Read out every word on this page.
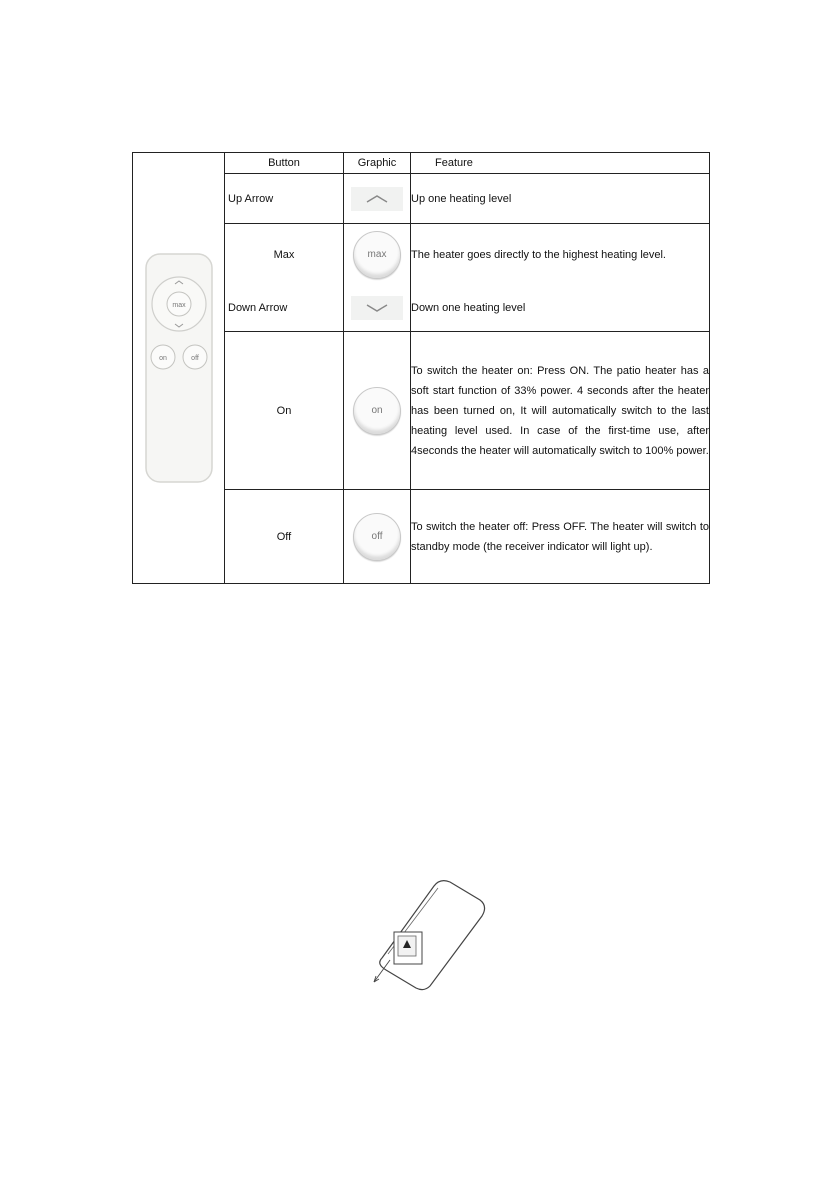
max
on off	Button	Graphic	Feature

	Up Arrow		Up one heating level

	Max	max	The heater goes directly to the highest heating level.

	Down Arrow		Down one heating level

	On	on	To switch the heater on: Press ON. The patio heater has a soft start function of 33% power. 4 seconds after the heater has been turned on, It will automatically switch to the last heating level used. In case of the first-time use, after 4seconds the heater will automatically switch to 100% power.

	Off	off	To switch the heater off: Press OFF. The heater will switch to standby mode (the receiver indicator will light up).
